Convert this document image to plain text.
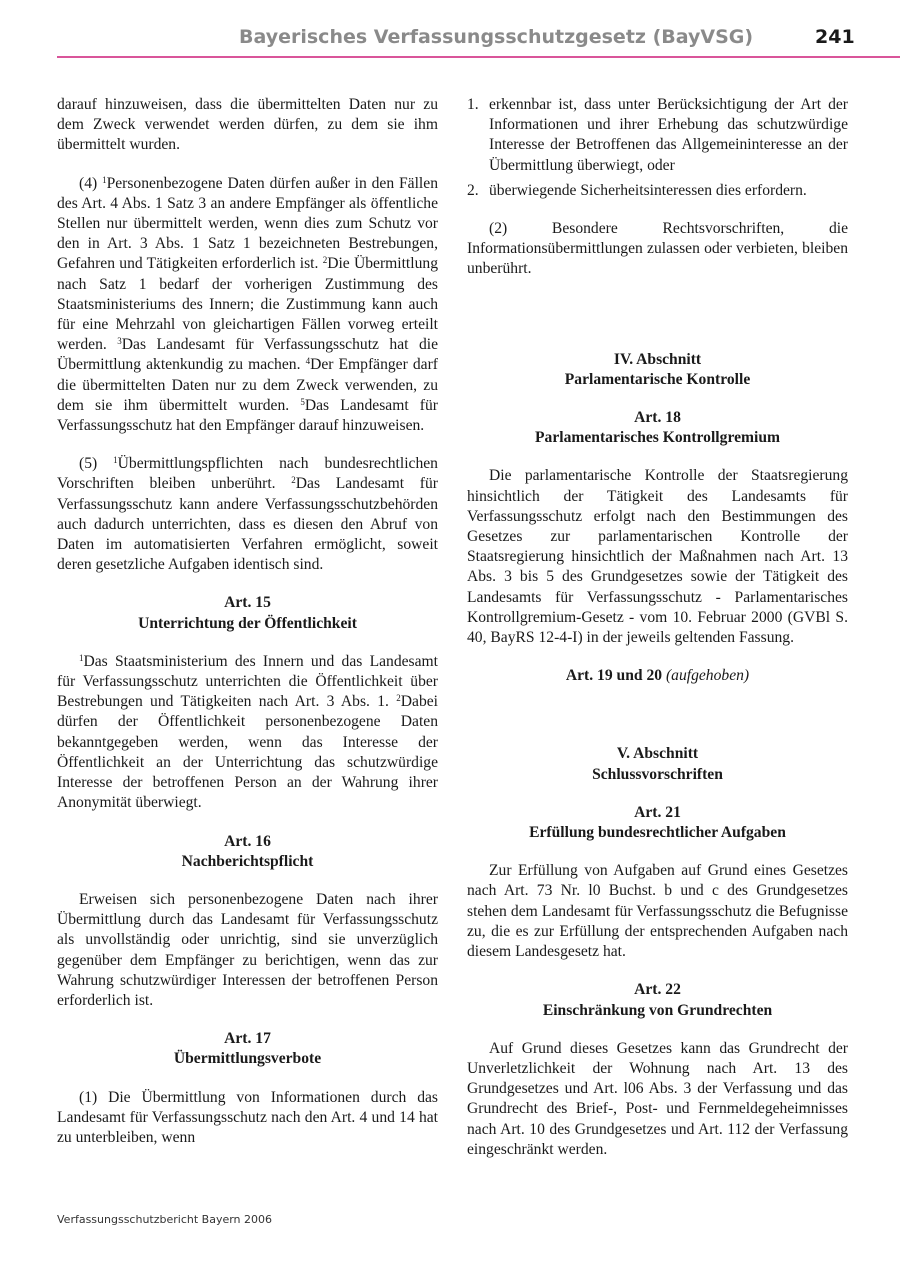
Bayerisches Verfassungsschutzgesetz (BayVSG)	241

darauf hinzuweisen, dass die übermittelten Daten nur zu dem Zweck verwendet werden dürfen, zu dem sie ihm übermittelt wurden.

(4) $^1$Personenbezogene Daten dürfen außer in den Fällen des Art. 4 Abs. 1 Satz 3 an andere Empfänger als öffentliche Stellen nur übermittelt werden, wenn dies zum Schutz vor den in Art. 3 Abs. 1 Satz 1 bezeichneten Bestrebungen, Gefahren und Tätigkeiten erforderlich ist. $^2$Die Übermittlung nach Satz 1 bedarf der vorherigen Zustimmung des Staatsministeriums des Innern; die Zustimmung kann auch für eine Mehrzahl von gleichartigen Fällen vorweg erteilt werden. $^3$Das Landesamt für Verfassungsschutz hat die Übermittlung aktenkundig zu machen. $^4$Der Empfänger darf die übermittelten Daten nur zu dem Zweck verwenden, zu dem sie ihm übermittelt wurden. $^5$Das Landesamt für Verfassungsschutz hat den Empfänger darauf hinzuweisen.

(5) $^1$Übermittlungspflichten nach bundesrechtlichen Vorschriften bleiben unberührt. $^2$Das Landesamt für Verfassungsschutz kann andere Verfassungsschutzbehörden auch dadurch unterrichten, dass es diesen den Abruf von Daten im automatisierten Verfahren ermöglicht, soweit deren gesetzliche Aufgaben identisch sind.

Art. 15
Unterrichtung der Öffentlichkeit

$^1$Das Staatsministerium des Innern und das Landesamt für Verfassungsschutz unterrichten die Öffentlichkeit über Bestrebungen und Tätigkeiten nach Art. 3 Abs. 1. $^2$Dabei dürfen der Öffentlichkeit personenbezogene Daten bekanntgegeben werden, wenn das Interesse der Öffentlichkeit an der Unterrichtung das schutzwürdige Interesse der betroffenen Person an der Wahrung ihrer Anonymität überwiegt.

Art. 16
Nachberichtspflicht

Erweisen sich personenbezogene Daten nach ihrer Übermittlung durch das Landesamt für Verfassungsschutz als unvollständig oder unrichtig, sind sie unverzüglich gegenüber dem Empfänger zu berichtigen, wenn das zur Wahrung schutzwürdiger Interessen der betroffenen Person erforderlich ist.

Art. 17
Übermittlungsverbote

(1) Die Übermittlung von Informationen durch das Landesamt für Verfassungsschutz nach den Art. 4 und 14 hat zu unterbleiben, wenn

1. erkennbar ist, dass unter Berücksichtigung der Art der Informationen und ihrer Erhebung das schutzwürdige Interesse der Betroffenen das Allgemeininteresse an der Übermittlung überwiegt, oder
2. überwiegende Sicherheitsinteressen dies erfordern.

(2) Besondere Rechtsvorschriften, die Informationsübermittlungen zulassen oder verbieten, bleiben unberührt.

IV. Abschnitt
Parlamentarische Kontrolle
Art. 18
Parlamentarisches Kontrollgremium

Die parlamentarische Kontrolle der Staatsregierung hinsichtlich der Tätigkeit des Landesamts für Verfassungsschutz erfolgt nach den Bestimmungen des Gesetzes zur parlamentarischen Kontrolle der Staatsregierung hinsichtlich der Maßnahmen nach Art. 13 Abs. 3 bis 5 des Grundgesetzes sowie der Tätigkeit des Landesamts für Verfassungsschutz - Parlamentarisches Kontrollgremium-Gesetz - vom 10. Februar 2000 (GVBl S. 40, BayRS 12-4-I) in der jeweils geltenden Fassung.

Art. 19 und 20 (aufgehoben)
V. Abschnitt
Schlussvorschriften
Art. 21
Erfüllung bundesrechtlicher Aufgaben

Zur Erfüllung von Aufgaben auf Grund eines Gesetzes nach Art. 73 Nr. l0 Buchst. b und c des Grundgesetzes stehen dem Landesamt für Verfassungsschutz die Befugnisse zu, die es zur Erfüllung der entsprechenden Aufgaben nach diesem Landesgesetz hat.

Art. 22
Einschränkung von Grundrechten

Auf Grund dieses Gesetzes kann das Grundrecht der Unverletzlichkeit der Wohnung nach Art. 13 des Grundgesetzes und Art. l06 Abs. 3 der Verfassung und das Grundrecht des Brief-, Post- und Fernmeldegeheimnisses nach Art. 10 des Grundgesetzes und Art. 112 der Verfassung eingeschränkt werden.

Verfassungsschutzbericht Bayern 2006
